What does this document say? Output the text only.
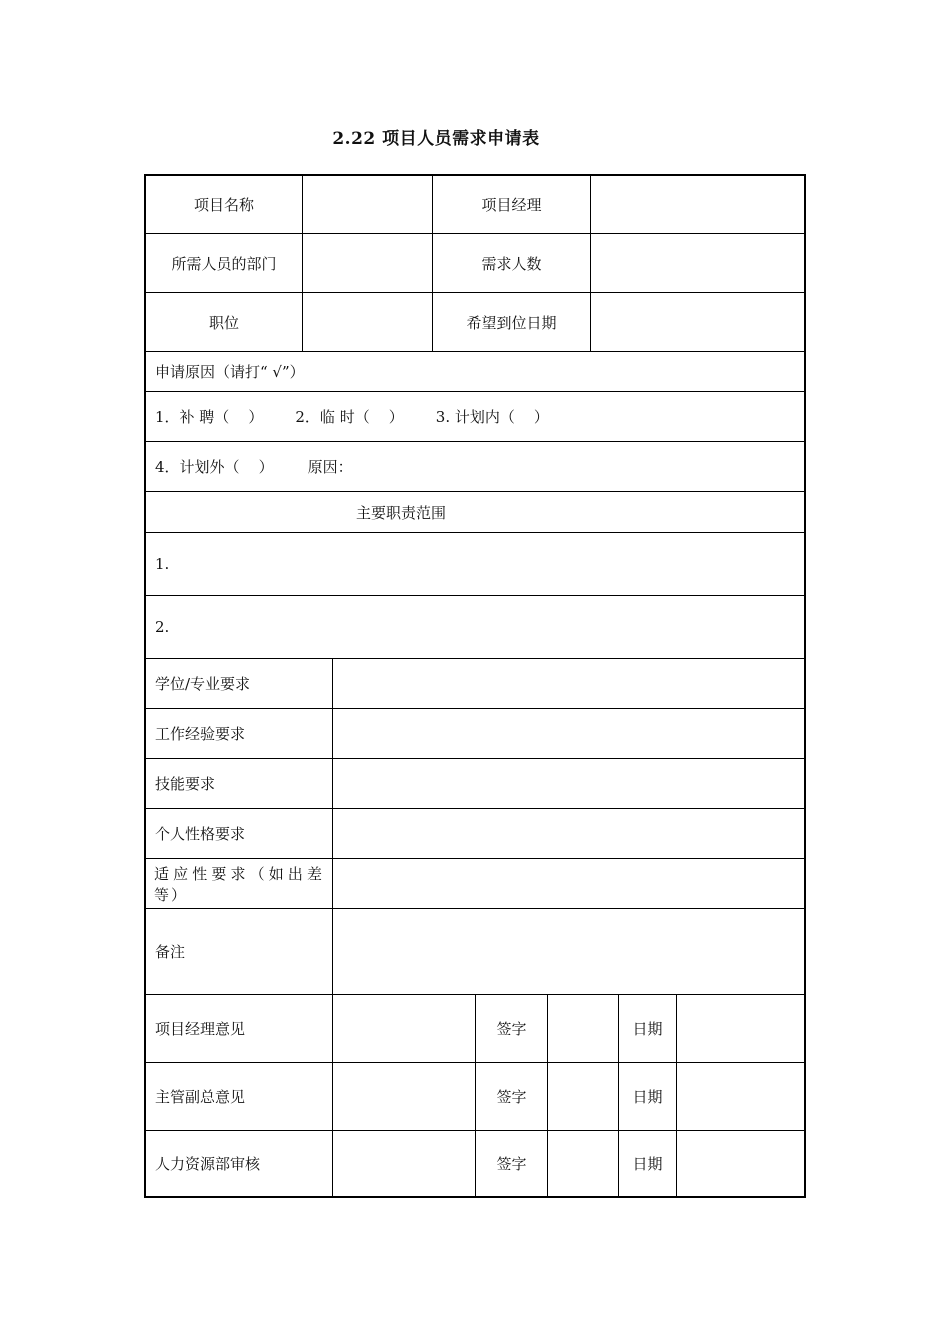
2.22 项目人员需求申请表
项目名称	项目经理
所需人员的部门	需求人数
职位	希望到位日期
申请原因（请打“ √”）
1．补 聘（    ） 2．临 时（    ） 3. 计划内（    ）
4．计划外（    ） 原因：
主要职责范围
1.
2.
学位/专业要求
工作经验要求
技能要求
个人性格要求
适应性要求（如出差等）
备注
项目经理意见	签字	日期
主管副总意见	签字	日期
人力资源部审核	签字	日期
